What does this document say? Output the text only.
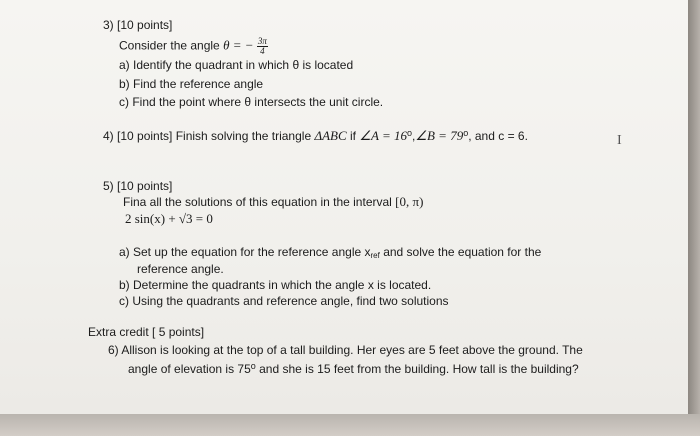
3) [10 points]
Consider the angle θ = − $\frac{3\pi}{4}$
a) Identify the quadrant in which θ is located
b) Find the reference angle
c) Find the point where θ intersects the unit circle.
4) [10 points] Finish solving the triangle ΔABC if ∠A = $16^o,\angle B = 79^o$, and c = 6.
5) [10 points]
Fina all the solutions of this equation in the interval [0, π)
2 sin(x) + √3 = 0
a) Set up the equation for the reference angle $x_{ref}$ and solve the equation for the
reference angle.
b) Determine the quadrants in which the angle x is located.
c) Using the quadrants and reference angle, find two solutions
Extra credit [ 5 points]
6) Allison is looking at the top of a tall building. Her eyes are 5 feet above the ground. The
angle of elevation is 75$^o$ and she is 15 feet from the building. How tall is the building?
I
